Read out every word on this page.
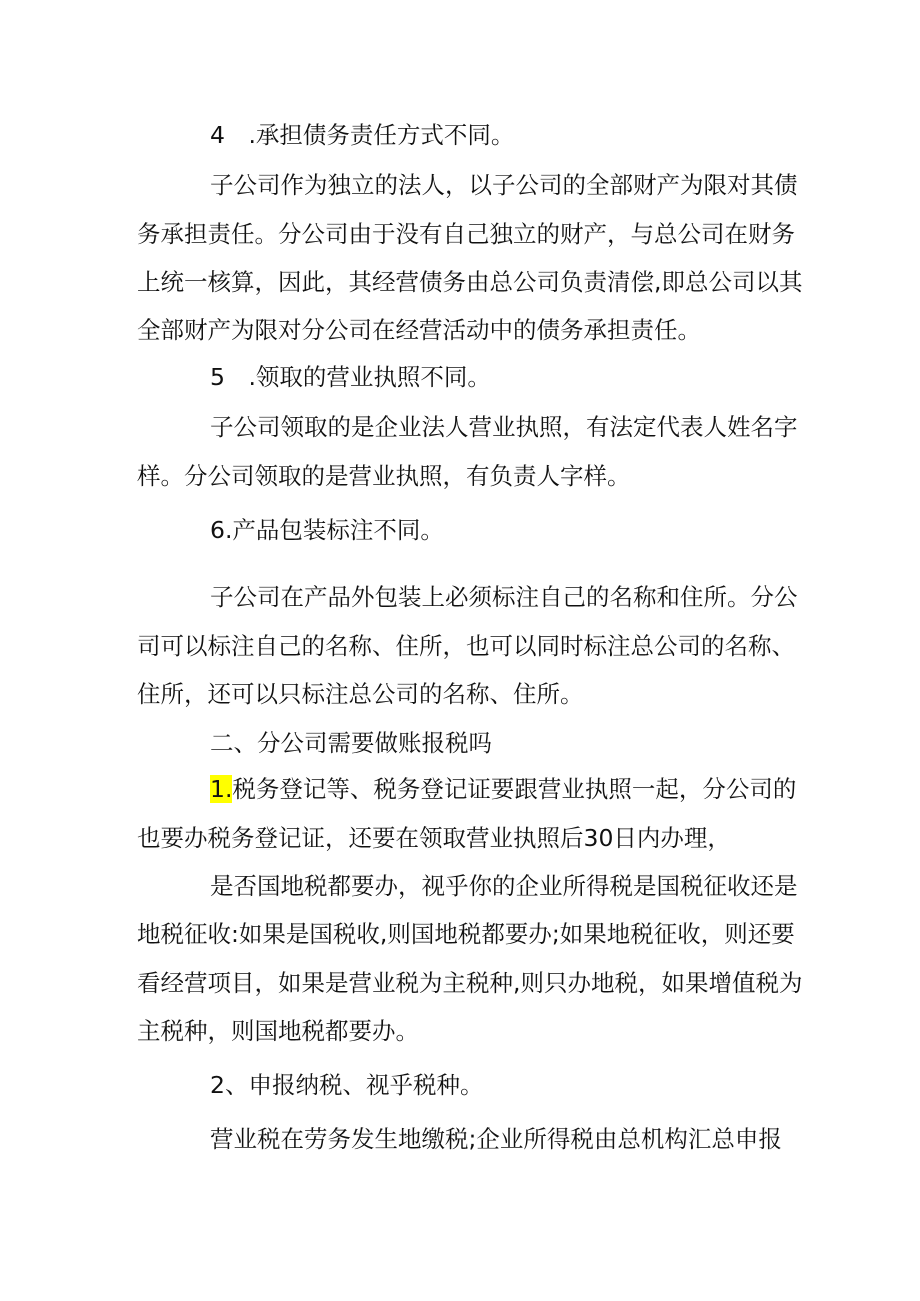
4　.承担债务责任方式不同。
子公司作为独立的法人，以子公司的全部财产为限对其债
务承担责任。分公司由于没有自己独立的财产，与总公司在财务
上统一核算，因此，其经营债务由总公司负责清偿,即总公司以其
全部财产为限对分公司在经营活动中的债务承担责任。
5　.领取的营业执照不同。
子公司领取的是企业法人营业执照，有法定代表人姓名字
样。分公司领取的是营业执照，有负责人字样。
6.产品包装标注不同。
子公司在产品外包装上必须标注自己的名称和住所。分公
司可以标注自己的名称、住所，也可以同时标注总公司的名称、
住所，还可以只标注总公司的名称、住所。
二、分公司需要做账报税吗
1.税务登记等、税务登记证要跟营业执照一起，分公司的
也要办税务登记证，还要在领取营业执照后30日内办理，
是否国地税都要办，视乎你的企业所得税是国税征收还是
地税征收:如果是国税收,则国地税都要办;如果地税征收，则还要
看经营项目，如果是营业税为主税种,则只办地税，如果增值税为
主税种，则国地税都要办。
2、申报纳税、视乎税种。
营业税在劳务发生地缴税;企业所得税由总机构汇总申报
